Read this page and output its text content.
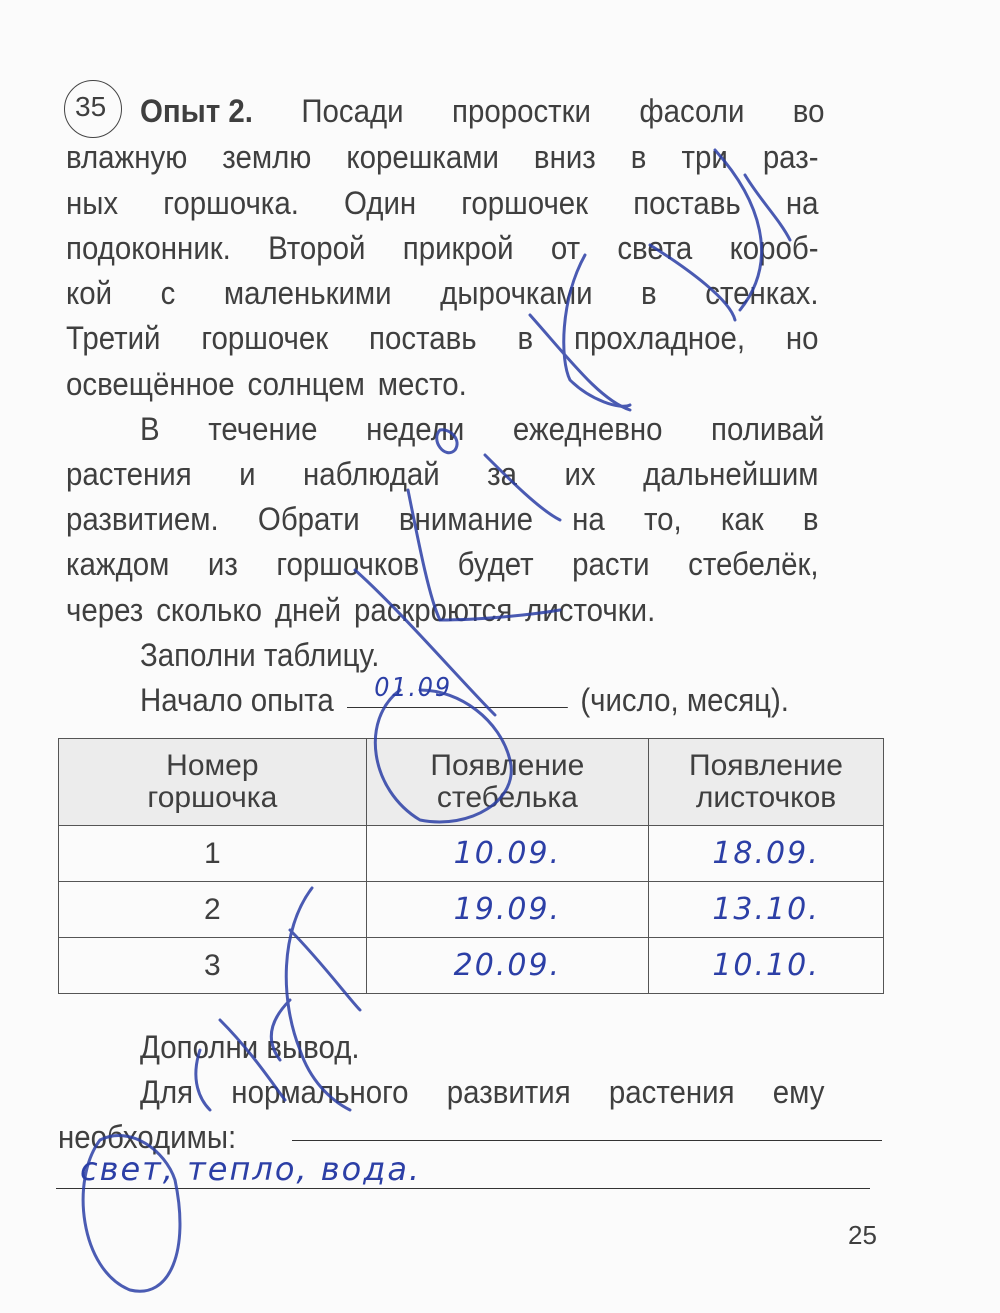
35	Опыт 2. Посади проростки фасоли во
влажную землю корешками вниз в три раз-
ных горшочка. Один горшочек поставь на
подоконник. Второй прикрой от света короб-
кой с маленькими дырочками в стенках.
Третий горшочек поставь в прохладное, но
освещённое солнцем место.
В течение недели ежедневно поливай
растения и наблюдай за их дальнейшим
развитием. Обрати внимание на то, как в
каждом из горшочков будет расти стебелёк,
через сколько дней раскроются листочки.
Заполни таблицу.
Начало опыта 01.09	(число, месяц).
Номер горшочка	Появление стебелька	Появление листочков
1	10.09.	18.09.
2	19.09.	13.10.
3	20.09.	10.10.
Дополни вывод.
Для нормального развития растения ему
необходимы:
свет, тепло, вода.
25
